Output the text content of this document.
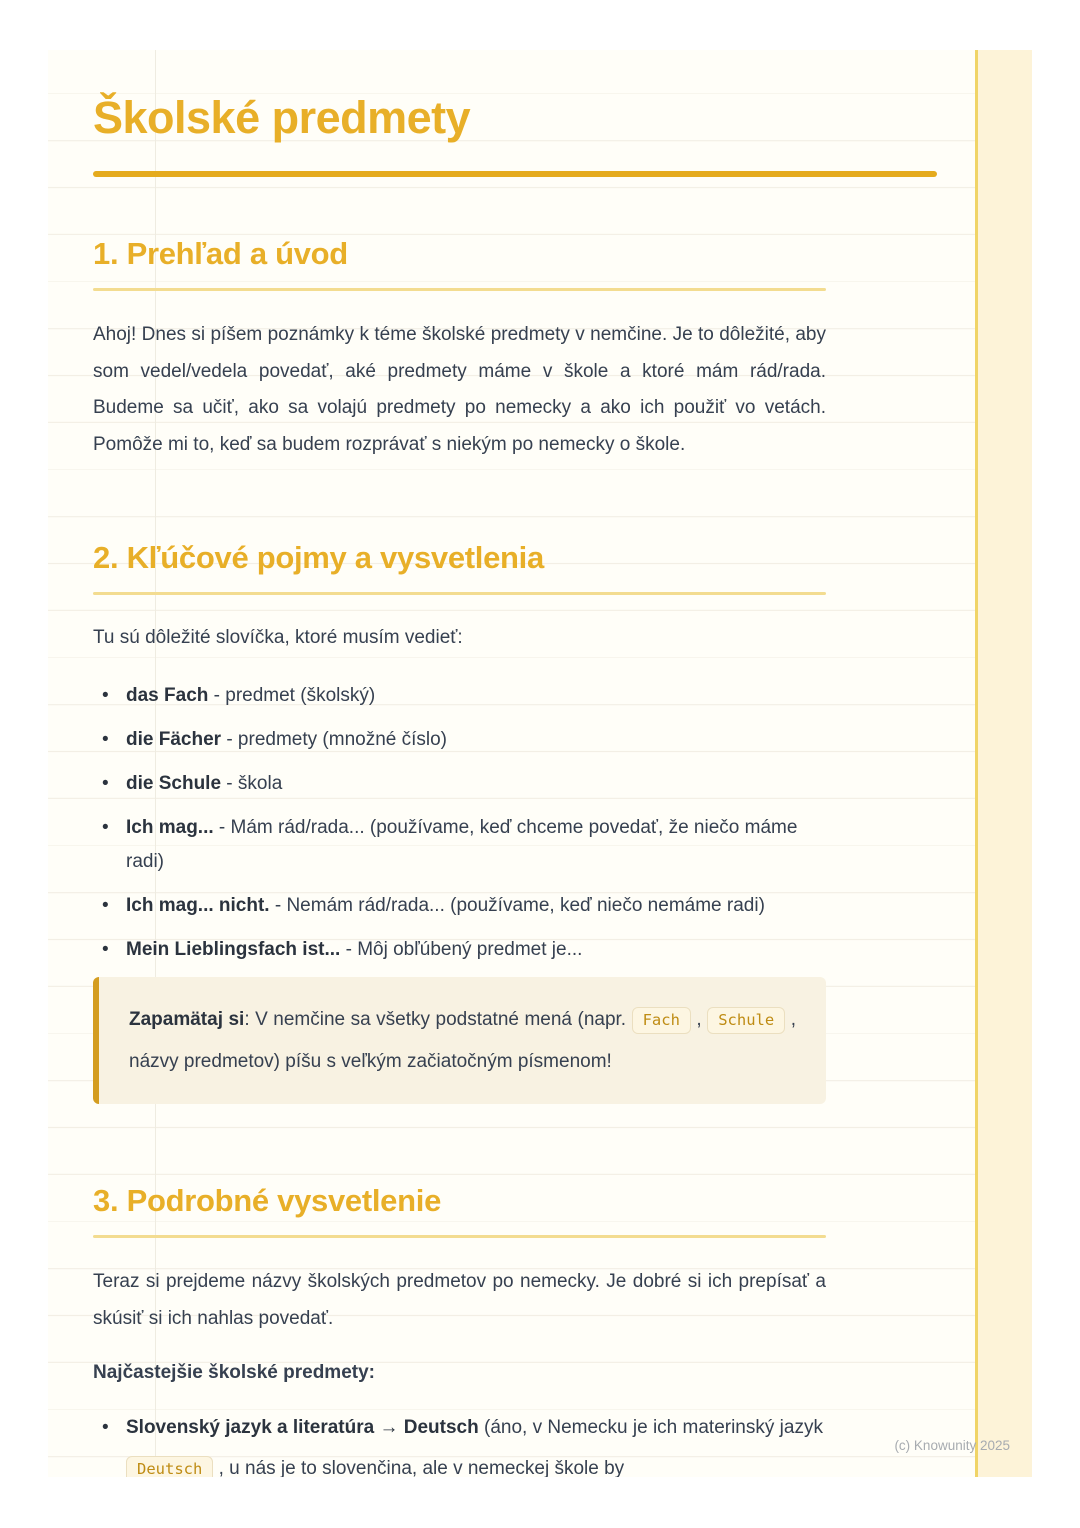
Školské predmety
1. Prehľad a úvod

Ahoj! Dnes si píšem poznámky k téme školské predmety v nemčine. Je to dôležité, aby som vedel/vedela povedať, aké predmety máme v škole a ktoré mám rád/rada. Budeme sa učiť, ako sa volajú predmety po nemecky a ako ich použiť vo vetách. Pomôže mi to, keď sa budem rozprávať s niekým po nemecky o škole.

2. Kľúčové pojmy a vysvetlenia

Tu sú dôležité slovíčka, ktoré musím vedieť:

• das Fach - predmet (školský)
• die Fächer - predmety (množné číslo)
• die Schule - škola
• Ich mag... - Mám rád/rada... (používame, keď chceme povedať, že niečo máme radi)
• Ich mag... nicht. - Nemám rád/rada... (používame, keď niečo nemáme radi)
• Mein Lieblingsfach ist... - Môj obľúbený predmet je...

Zapamätaj si: V nemčine sa všetky podstatné mená (napr. Fach , Schule , názvy predmetov) píšu s veľkým začiatočným písmenom!

3. Podrobné vysvetlenie

Teraz si prejdeme názvy školských predmetov po nemecky. Je dobré si ich prepísať a skúsiť si ich nahlas povedať.

Najčastejšie školské predmety:

• Slovenský jazyk a literatúra → Deutsch (áno, v Nemecku je ich materinský jazyk Deutsch , u nás je to slovenčina, ale v nemeckej škole by
(c) Knowunity 2025
